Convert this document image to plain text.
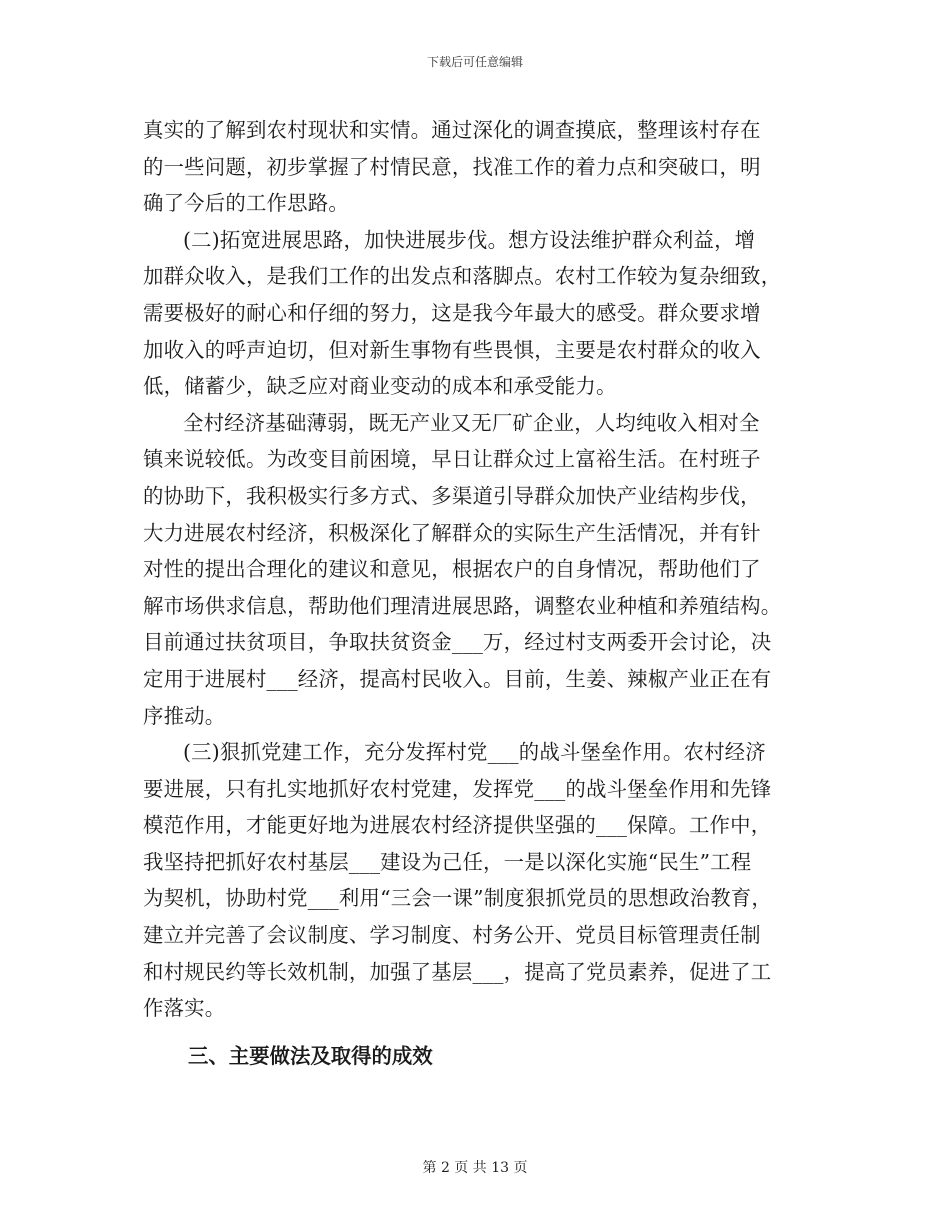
下载后可任意编辑
真实的了解到农村现状和实情。通过深化的调查摸底，整理该村存在
的一些问题，初步掌握了村情民意，找准工作的着力点和突破口，明
确了今后的工作思路。
(二)拓宽进展思路，加快进展步伐。想方设法维护群众利益，增
加群众收入，是我们工作的出发点和落脚点。农村工作较为复杂细致，
需要极好的耐心和仔细的努力，这是我今年最大的感受。群众要求增
加收入的呼声迫切，但对新生事物有些畏惧，主要是农村群众的收入
低，储蓄少，缺乏应对商业变动的成本和承受能力。
全村经济基础薄弱，既无产业又无厂矿企业，人均纯收入相对全
镇来说较低。为改变目前困境，早日让群众过上富裕生活。在村班子
的协助下，我积极实行多方式、多渠道引导群众加快产业结构步伐，
大力进展农村经济，积极深化了解群众的实际生产生活情况，并有针
对性的提出合理化的建议和意见，根据农户的自身情况，帮助他们了
解市场供求信息，帮助他们理清进展思路，调整农业种植和养殖结构。
目前通过扶贫项目，争取扶贫资金___万，经过村支两委开会讨论，决
定用于进展村___经济，提高村民收入。目前，生姜、辣椒产业正在有
序推动。
(三)狠抓党建工作，充分发挥村党___的战斗堡垒作用。农村经济
要进展，只有扎实地抓好农村党建，发挥党___的战斗堡垒作用和先锋
模范作用，才能更好地为进展农村经济提供坚强的___保障。工作中，
我坚持把抓好农村基层___建设为己任，一是以深化实施“民生”工程
为契机，协助村党___利用“三会一课”制度狠抓党员的思想政治教育，
建立并完善了会议制度、学习制度、村务公开、党员目标管理责任制
和村规民约等长效机制，加强了基层___，提高了党员素养，促进了工
作落实。
三、主要做法及取得的成效
第 2 页 共 13 页
